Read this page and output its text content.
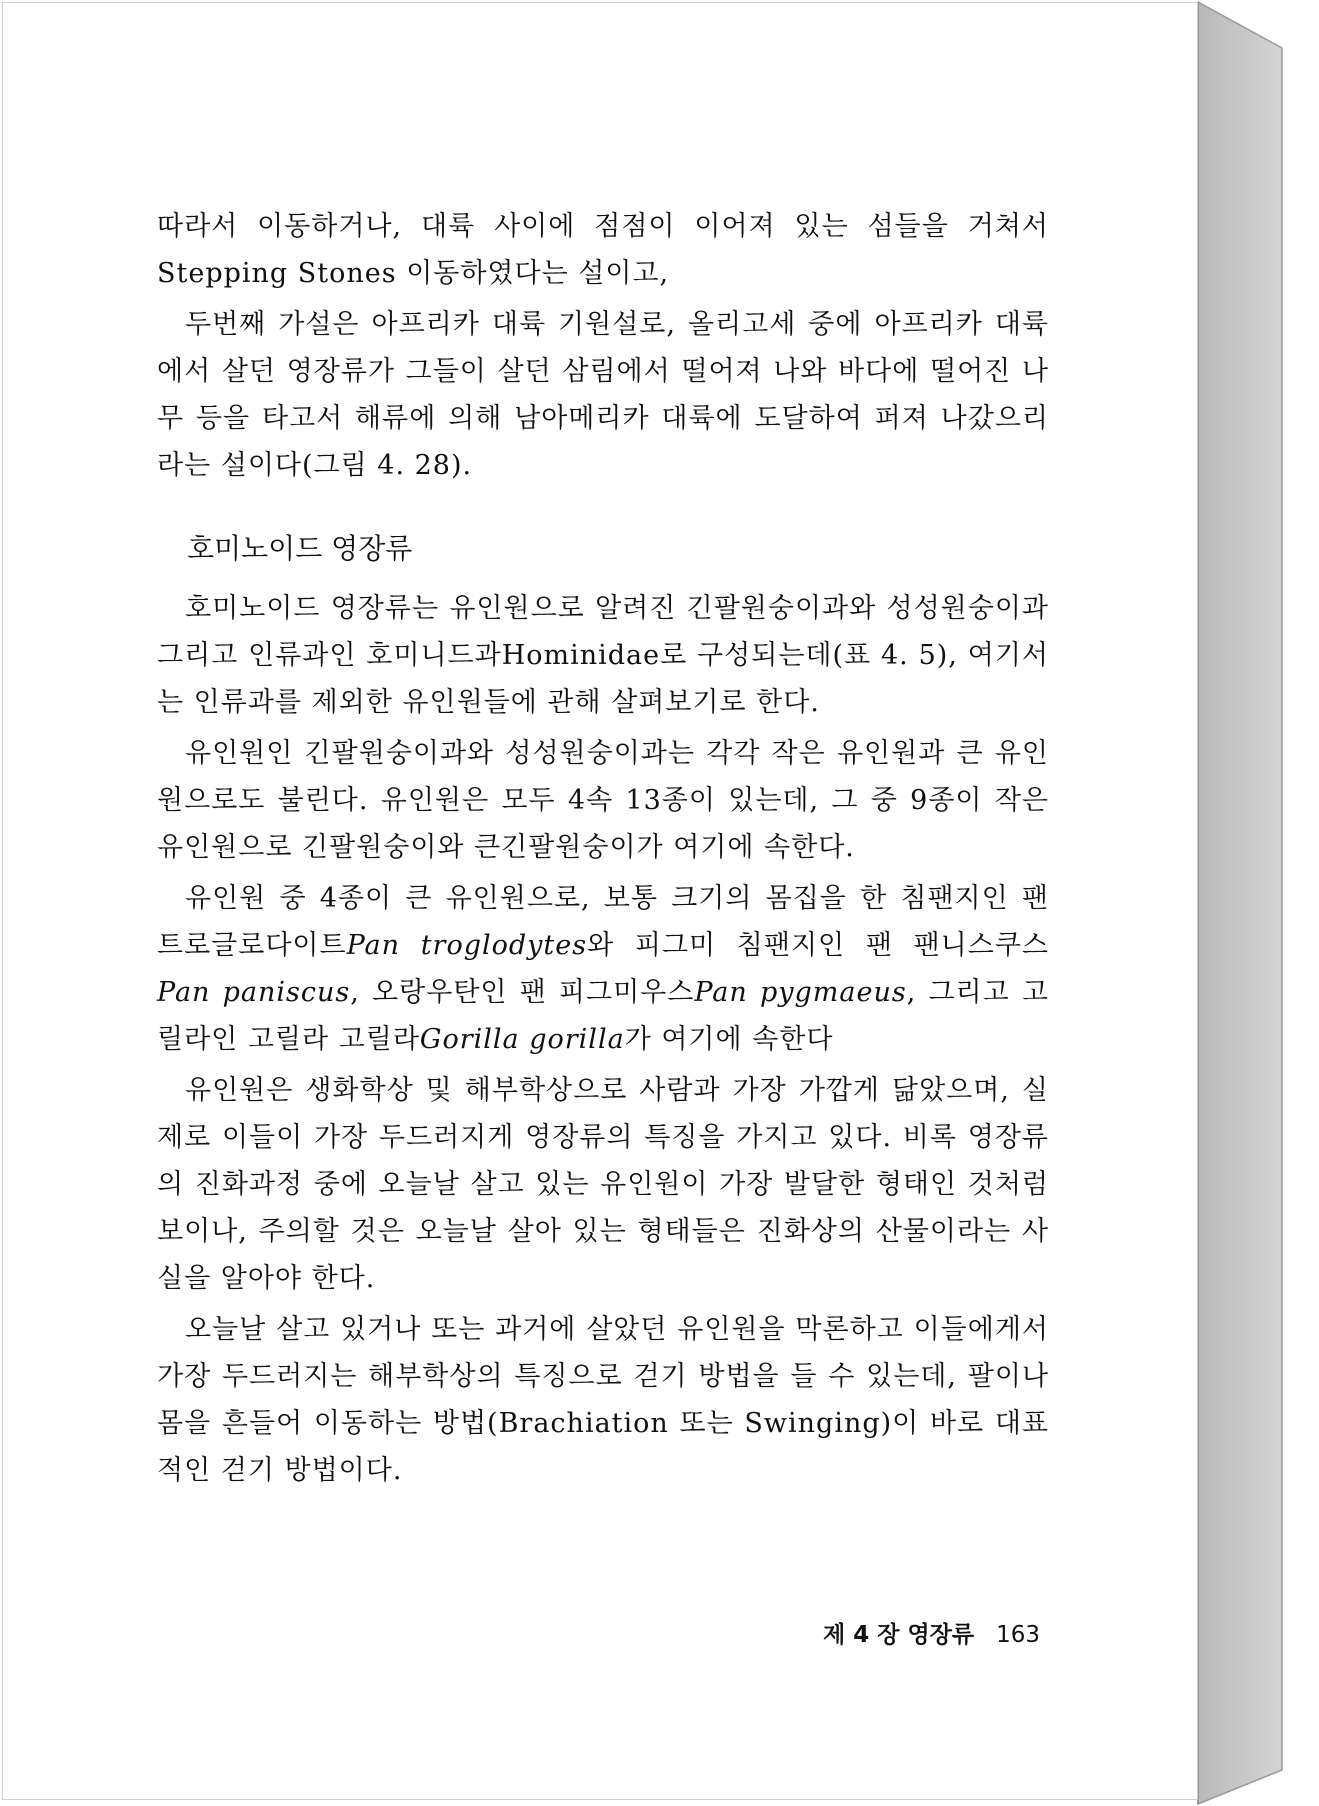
따라서 이동하거나, 대륙 사이에 점점이 이어져 있는 섬들을 거쳐서 Stepping Stones 이동하였다는 설이고,

두번째 가설은 아프리카 대륙 기원설로, 올리고세 중에 아프리카 대륙에서 살던 영장류가 그들이 살던 삼림에서 떨어져 나와 바다에 떨어진 나무 등을 타고서 해류에 의해 남아메리카 대륙에 도달하여 퍼져 나갔으리라는 설이다(그림 4. 28).

호미노이드 영장류

호미노이드 영장류는 유인원으로 알려진 긴팔원숭이과와 성성원숭이과 그리고 인류과인 호미니드과Hominidae로 구성되는데(표 4. 5), 여기서는 인류과를 제외한 유인원들에 관해 살펴보기로 한다.

유인원인 긴팔원숭이과와 성성원숭이과는 각각 작은 유인원과 큰 유인원으로도 불린다. 유인원은 모두 4속 13종이 있는데, 그 중 9종이 작은 유인원으로 긴팔원숭이와 큰긴팔원숭이가 여기에 속한다.

유인원 중 4종이 큰 유인원으로, 보통 크기의 몸집을 한 침팬지인 팬 트로글로다이트Pan troglodytes와 피그미 침팬지인 팬 팬니스쿠스 Pan paniscus, 오랑우탄인 팬 피그미우스Pan pygmaeus, 그리고 고릴라인 고릴라 고릴라Gorilla gorilla가 여기에 속한다

유인원은 생화학상 및 해부학상으로 사람과 가장 가깝게 닮았으며, 실제로 이들이 가장 두드러지게 영장류의 특징을 가지고 있다. 비록 영장류의 진화과정 중에 오늘날 살고 있는 유인원이 가장 발달한 형태인 것처럼 보이나, 주의할 것은 오늘날 살아 있는 형태들은 진화상의 산물이라는 사실을 알아야 한다.

오늘날 살고 있거나 또는 과거에 살았던 유인원을 막론하고 이들에게서 가장 두드러지는 해부학상의 특징으로 걷기 방법을 들 수 있는데, 팔이나 몸을 흔들어 이동하는 방법(Brachiation 또는 Swinging)이 바로 대표적인 걷기 방법이다.

제 4 장 영장류 163
